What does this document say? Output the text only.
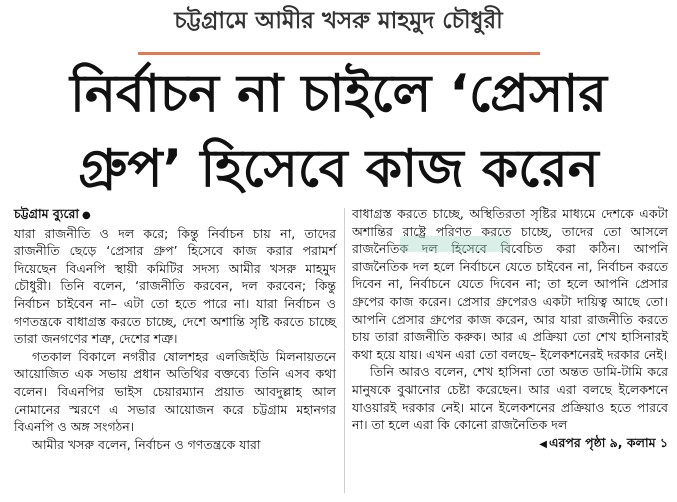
চট্টগ্রামে আমীর খসরু মাহমুদ চৌধুরী
নির্বাচন না চাইলে ‘প্রেসার
গ্রুপ’ হিসেবে কাজ করেন

চট্টগ্রাম ব্যুরো ●

যারা রাজনীতি ও দল করে; কিন্তু নির্বাচন চায় না, তাদের রাজনীতি ছেড়ে ‘প্রেসার গ্রুপ’ হিসেবে কাজ করার পরামর্শ দিয়েছেন বিএনপি স্থায়ী কমিটির সদস্য আমীর খসরু মাহমুদ চৌধুরী। তিনি বলেন, ‘রাজনীতি করবেন, দল করবেন; কিন্তু নির্বাচন চাইবেন না– এটা তো হতে পারে না। যারা নির্বাচন ও গণতন্ত্রকে বাধাগ্রস্ত করতে চাচ্ছে, দেশে অশান্তি সৃষ্টি করতে চাচ্ছে তারা জনগণের শত্রু, দেশের শত্রু।

গতকাল বিকালে নগরীর ষোলশহর এলজিইডি মিলনায়তনে আয়োজিত এক সভায় প্রধান অতিথির বক্তব্যে তিনি এসব কথা বলেন। বিএনপির ভাইস চেয়ারম্যান প্রয়াত আবদুল্লাহ আল নোমানের স্মরণে এ সভার আয়োজন করে চট্টগ্রাম মহানগর বিএনপি ও অঙ্গ সংগঠন।

আমীর খসরু বলেন, নির্বাচন ও গণতন্ত্রকে যারা

বাধাগ্রস্ত করতে চাচ্ছে, অস্থিতিরতা সৃষ্টির মাধ্যমে দেশকে একটা অশান্তির রাষ্ট্রে পরিণত করতে চাচ্ছে, তাদের তো আসলে রাজনৈতিক দল হিসেবে বিবেচিত করা কঠিন। আপনি রাজনৈতিক দল হলে নির্বাচনে যেতে চাইবেন না, নির্বাচন করতে দিবেন না, নির্বাচনে যেতে দিবেন না; তা হলে আপনি প্রেসার গ্রুপের কাজ করেন। প্রেসার গ্রুপেরও একটা দায়িত্ব আছে তো। আপনি প্রেসার গ্রুপের কাজ করেন, আর যারা রাজনীতি করতে চায় তারা রাজনীতি করুক। আর এ প্রক্রিয়া তো শেখ হাসিনারই কথা হয়ে যায়। এখন এরা তো বলছে– ইলেকশনেরই দরকার নেই।

তিনি আরও বলেন, শেখ হাসিনা তো অন্তত ডামি-টামি করে মানুষকে বুঝানোর চেষ্টা করেছেন। আর এরা বলছে ইলেকশনে যাওয়ারই দরকার নেই। মানে ইলেকশনের প্রক্রিয়াও হতে পারবে না। তা হলে এরা কি কোনো রাজনৈতিক দল

◀ এরপর পৃষ্ঠা ৯, কলাম ১
